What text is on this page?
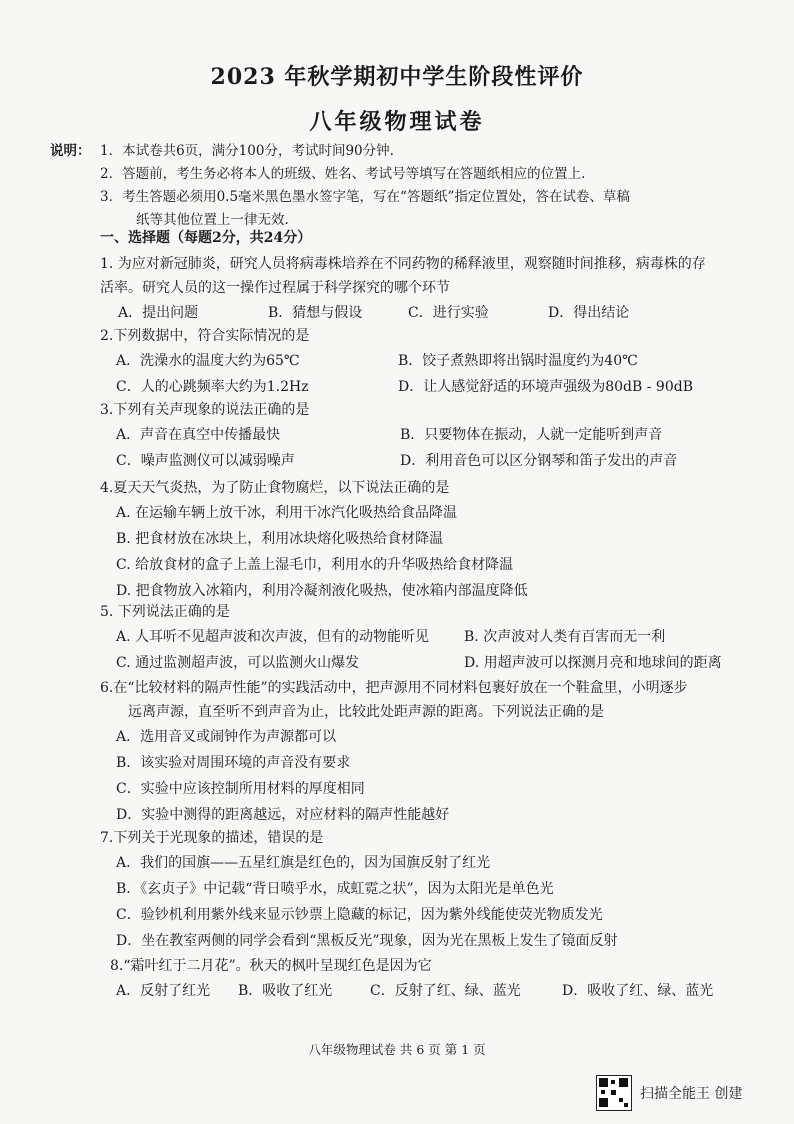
2023 年秋学期初中学生阶段性评价
八年级物理试卷
说明： 1．本试卷共6页，满分100分，考试时间90分钟.
2．答题前，考生务必将本人的班级、姓名、考试号等填写在答题纸相应的位置上.
3．考生答题必须用0.5毫米黑色墨水签字笔，写在“答题纸”指定位置处，答在试卷、草稿
纸等其他位置上一律无效.
一、选择题（每题2分，共24分）
1. 为应对新冠肺炎，研究人员将病毒株培养在不同药物的稀释液里，观察随时间推移，病毒株的存
活率。研究人员的这一操作过程属于科学探究的哪个环节
A．提出问题	B．猜想与假设	C．进行实验	D．得出结论
2.下列数据中，符合实际情况的是
A．洗澡水的温度大约为65℃	B．饺子煮熟即将出锅时温度约为40℃
C．人的心跳频率大约为1.2Hz	D．让人感觉舒适的环境声强级为80dB - 90dB
3.下列有关声现象的说法正确的是
A．声音在真空中传播最快	B．只要物体在振动，人就一定能听到声音
C．噪声监测仪可以减弱噪声	D．利用音色可以区分钢琴和笛子发出的声音
4.夏天天气炎热，为了防止食物腐烂，以下说法正确的是
A. 在运输车辆上放干冰，利用干冰汽化吸热给食品降温
B. 把食材放在冰块上，利用冰块熔化吸热给食材降温
C. 给放食材的盒子上盖上湿毛巾，利用水的升华吸热给食材降温
D. 把食物放入冰箱内，利用冷凝剂液化吸热，使冰箱内部温度降低
5. 下列说法正确的是
A. 人耳听不见超声波和次声波，但有的动物能听见 B. 次声波对人类有百害而无一利
C. 通过监测超声波，可以监测火山爆发	D. 用超声波可以探测月亮和地球间的距离
6.在“比较材料的隔声性能”的实践活动中，把声源用不同材料包裹好放在一个鞋盒里，小明逐步
远离声源，直至听不到声音为止，比较此处距声源的距离。下列说法正确的是
A．选用音叉或闹钟作为声源都可以
B．该实验对周围环境的声音没有要求
C．实验中应该控制所用材料的厚度相同
D．实验中测得的距离越远，对应材料的隔声性能越好
7.下列关于光现象的描述，错误的是
A．我们的国旗——五星红旗是红色的，因为国旗反射了红光
B．《玄贞子》中记载“背日喷乎水，成虹霓之状”，因为太阳光是单色光
C．验钞机利用紫外线来显示钞票上隐藏的标记，因为紫外线能使荧光物质发光
D．坐在教室两侧的同学会看到“黑板反光”现象，因为光在黑板上发生了镜面反射
8.“霜叶红于二月花”。秋天的枫叶呈现红色是因为它
A．反射了红光 B．吸收了红光	C．反射了红、绿、蓝光	D．吸收了红、绿、蓝光
八年级物理试卷 共 6 页 第 1 页
扫描全能王 创建
